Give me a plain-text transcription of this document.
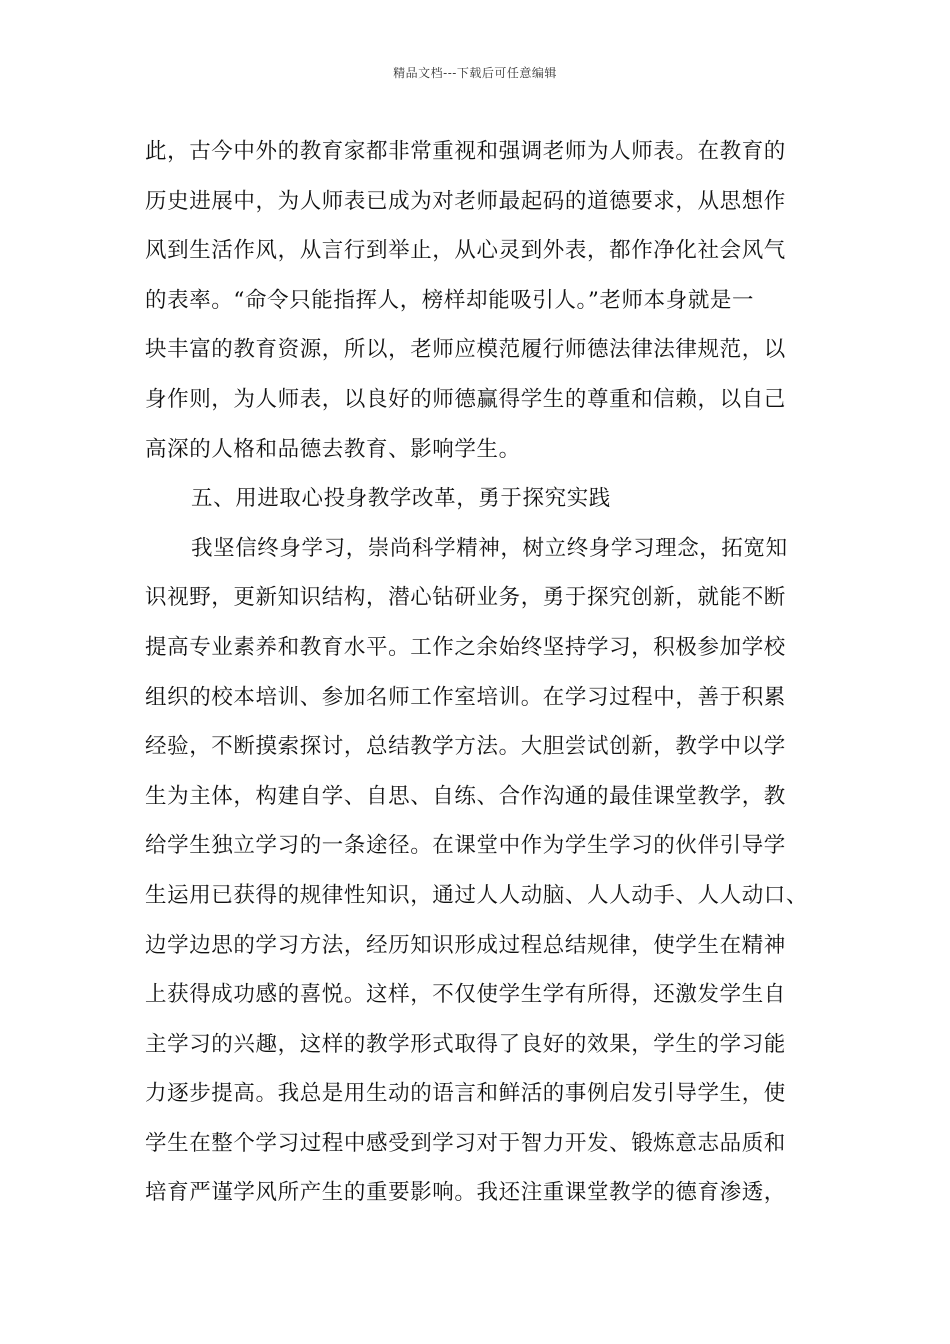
精品文档---下载后可任意编辑
此，古今中外的教育家都非常重视和强调老师为人师表。在教育的
历史进展中，为人师表已成为对老师最起码的道德要求，从思想作
风到生活作风，从言行到举止，从心灵到外表，都作净化社会风气
的表率。“命令只能指挥人，榜样却能吸引人。”老师本身就是一
块丰富的教育资源，所以，老师应模范履行师德法律法律规范，以
身作则，为人师表，以良好的师德赢得学生的尊重和信赖，以自己
高深的人格和品德去教育、影响学生。
五、用进取心投身教学改革，勇于探究实践
我坚信终身学习，崇尚科学精神，树立终身学习理念，拓宽知
识视野，更新知识结构，潜心钻研业务，勇于探究创新，就能不断
提高专业素养和教育水平。工作之余始终坚持学习，积极参加学校
组织的校本培训、参加名师工作室培训。在学习过程中，善于积累
经验，不断摸索探讨，总结教学方法。大胆尝试创新，教学中以学
生为主体，构建自学、自思、自练、合作沟通的最佳课堂教学，教
给学生独立学习的一条途径。在课堂中作为学生学习的伙伴引导学
生运用已获得的规律性知识，通过人人动脑、人人动手、人人动口、
边学边思的学习方法，经历知识形成过程总结规律，使学生在精神
上获得成功感的喜悦。这样，不仅使学生学有所得，还激发学生自
主学习的兴趣，这样的教学形式取得了良好的效果，学生的学习能
力逐步提高。我总是用生动的语言和鲜活的事例启发引导学生，使
学生在整个学习过程中感受到学习对于智力开发、锻炼意志品质和
培育严谨学风所产生的重要影响。我还注重课堂教学的德育渗透，
